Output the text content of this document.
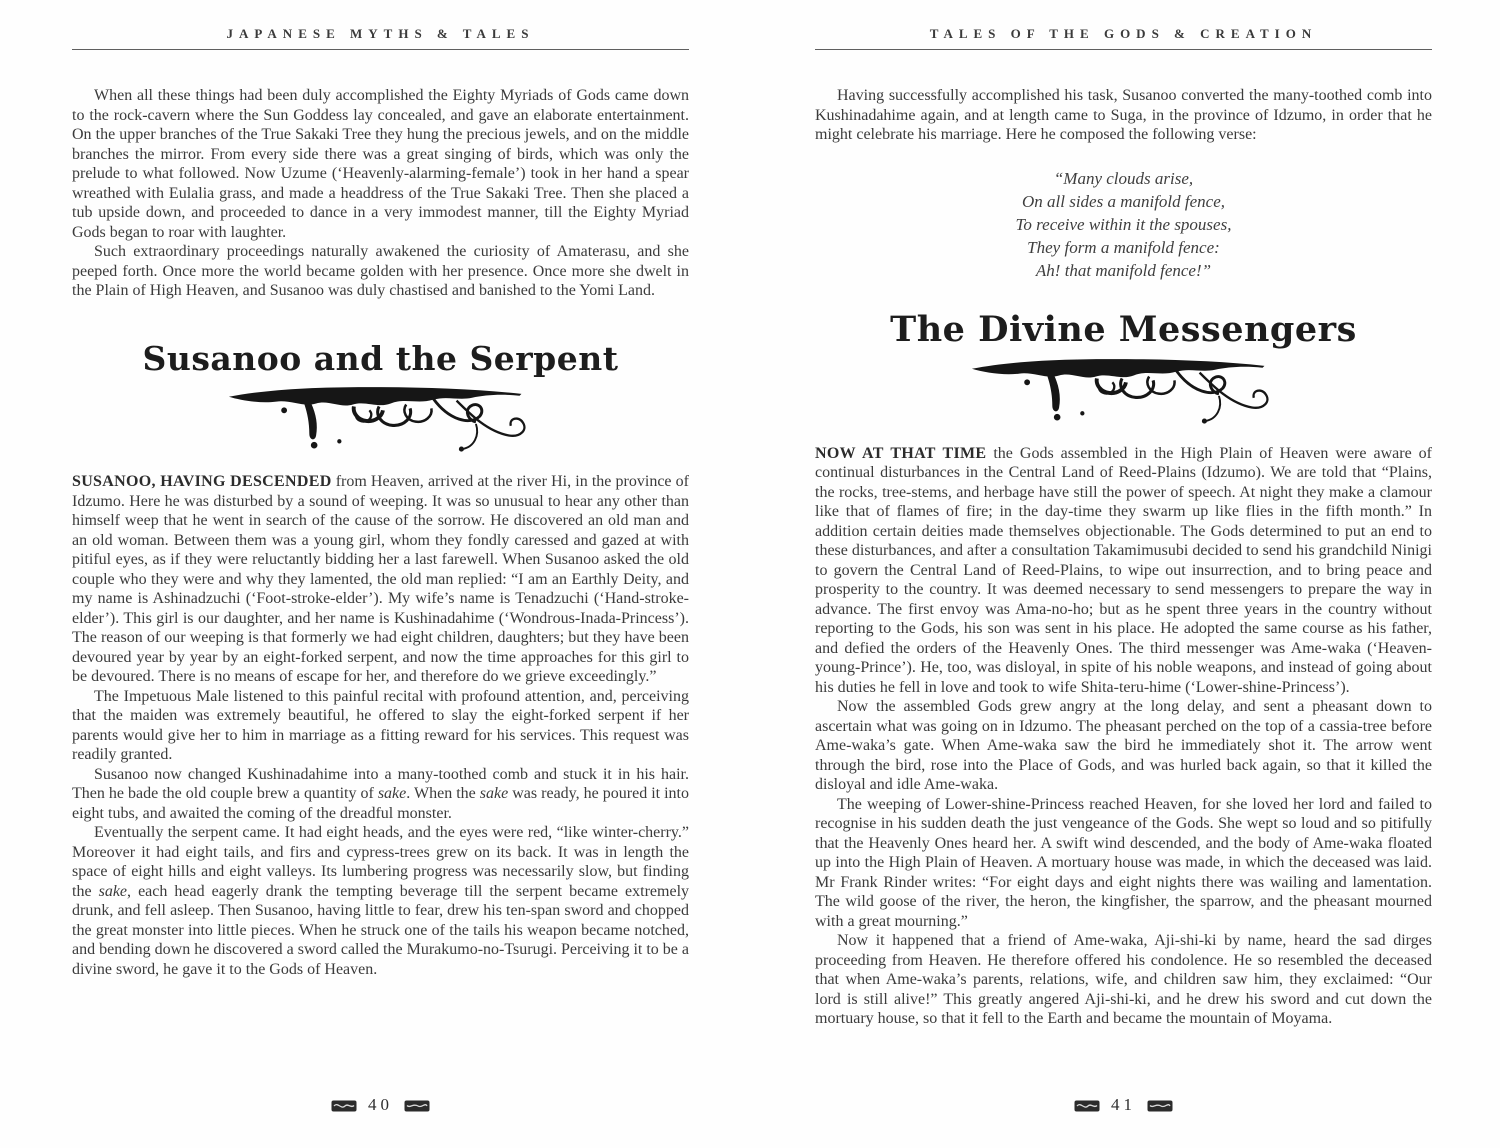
JAPANESE MYTHS & TALES

When all these things had been duly accomplished the Eighty Myriads of Gods came down to the rock-cavern where the Sun Goddess lay concealed, and gave an elaborate entertainment. On the upper branches of the True Sakaki Tree they hung the precious jewels, and on the middle branches the mirror. From every side there was a great singing of birds, which was only the prelude to what followed. Now Uzume (‘Heavenly-alarming-female’) took in her hand a spear wreathed with Eulalia grass, and made a headdress of the True Sakaki Tree. Then she placed a tub upside down, and proceeded to dance in a very immodest manner, till the Eighty Myriad Gods began to roar with laughter.

Such extraordinary proceedings naturally awakened the curiosity of Amaterasu, and she peeped forth. Once more the world became golden with her presence. Once more she dwelt in the Plain of High Heaven, and Susanoo was duly chastised and banished to the Yomi Land.

Susanoo and the Serpent

SUSANOO, HAVING DESCENDED from Heaven, arrived at the river Hi, in the province of Idzumo. Here he was disturbed by a sound of weeping. It was so unusual to hear any other than himself weep that he went in search of the cause of the sorrow. He discovered an old man and an old woman. Between them was a young girl, whom they fondly caressed and gazed at with pitiful eyes, as if they were reluctantly bidding her a last farewell. When Susanoo asked the old couple who they were and why they lamented, the old man replied: “I am an Earthly Deity, and my name is Ashinadzuchi (‘Foot-stroke-elder’). My wife’s name is Tenadzuchi (‘Hand-stroke-elder’). This girl is our daughter, and her name is Kushinadahime (‘Wondrous-Inada-Princess’). The reason of our weeping is that formerly we had eight children, daughters; but they have been devoured year by year by an eight-forked serpent, and now the time approaches for this girl to be devoured. There is no means of escape for her, and therefore do we grieve exceedingly.”

The Impetuous Male listened to this painful recital with profound attention, and, perceiving that the maiden was extremely beautiful, he offered to slay the eight-forked serpent if her parents would give her to him in marriage as a fitting reward for his services. This request was readily granted.

Susanoo now changed Kushinadahime into a many-toothed comb and stuck it in his hair. Then he bade the old couple brew a quantity of sake. When the sake was ready, he poured it into eight tubs, and awaited the coming of the dreadful monster.

Eventually the serpent came. It had eight heads, and the eyes were red, “like winter-cherry.” Moreover it had eight tails, and firs and cypress-trees grew on its back. It was in length the space of eight hills and eight valleys. Its lumbering progress was necessarily slow, but finding the sake, each head eagerly drank the tempting beverage till the serpent became extremely drunk, and fell asleep. Then Susanoo, having little to fear, drew his ten-span sword and chopped the great monster into little pieces. When he struck one of the tails his weapon became notched, and bending down he discovered a sword called the Murakumo-no-Tsurugi. Perceiving it to be a divine sword, he gave it to the Gods of Heaven.

40
TALES OF THE GODS & CREATION

Having successfully accomplished his task, Susanoo converted the many-toothed comb into Kushinadahime again, and at length came to Suga, in the province of Idzumo, in order that he might celebrate his marriage. Here he composed the following verse:

“Many clouds arise,
On all sides a manifold fence,
To receive within it the spouses,
They form a manifold fence:
Ah! that manifold fence!”
The Divine Messengers

NOW AT THAT TIME the Gods assembled in the High Plain of Heaven were aware of continual disturbances in the Central Land of Reed-Plains (Idzumo). We are told that “Plains, the rocks, tree-stems, and herbage have still the power of speech. At night they make a clamour like that of flames of fire; in the day-time they swarm up like flies in the fifth month.” In addition certain deities made themselves objectionable. The Gods determined to put an end to these disturbances, and after a consultation Takamimusubi decided to send his grandchild Ninigi to govern the Central Land of Reed-Plains, to wipe out insurrection, and to bring peace and prosperity to the country. It was deemed necessary to send messengers to prepare the way in advance. The first envoy was Ama-no-ho; but as he spent three years in the country without reporting to the Gods, his son was sent in his place. He adopted the same course as his father, and defied the orders of the Heavenly Ones. The third messenger was Ame-waka (‘Heaven-young-Prince’). He, too, was disloyal, in spite of his noble weapons, and instead of going about his duties he fell in love and took to wife Shita-teru-hime (‘Lower-shine-Princess’).

Now the assembled Gods grew angry at the long delay, and sent a pheasant down to ascertain what was going on in Idzumo. The pheasant perched on the top of a cassia-tree before Ame-waka’s gate. When Ame-waka saw the bird he immediately shot it. The arrow went through the bird, rose into the Place of Gods, and was hurled back again, so that it killed the disloyal and idle Ame-waka.

The weeping of Lower-shine-Princess reached Heaven, for she loved her lord and failed to recognise in his sudden death the just vengeance of the Gods. She wept so loud and so pitifully that the Heavenly Ones heard her. A swift wind descended, and the body of Ame-waka floated up into the High Plain of Heaven. A mortuary house was made, in which the deceased was laid. Mr Frank Rinder writes: “For eight days and eight nights there was wailing and lamentation. The wild goose of the river, the heron, the kingfisher, the sparrow, and the pheasant mourned with a great mourning.”

Now it happened that a friend of Ame-waka, Aji-shi-ki by name, heard the sad dirges proceeding from Heaven. He therefore offered his condolence. He so resembled the deceased that when Ame-waka’s parents, relations, wife, and children saw him, they exclaimed: “Our lord is still alive!” This greatly angered Aji-shi-ki, and he drew his sword and cut down the mortuary house, so that it fell to the Earth and became the mountain of Moyama.

41
